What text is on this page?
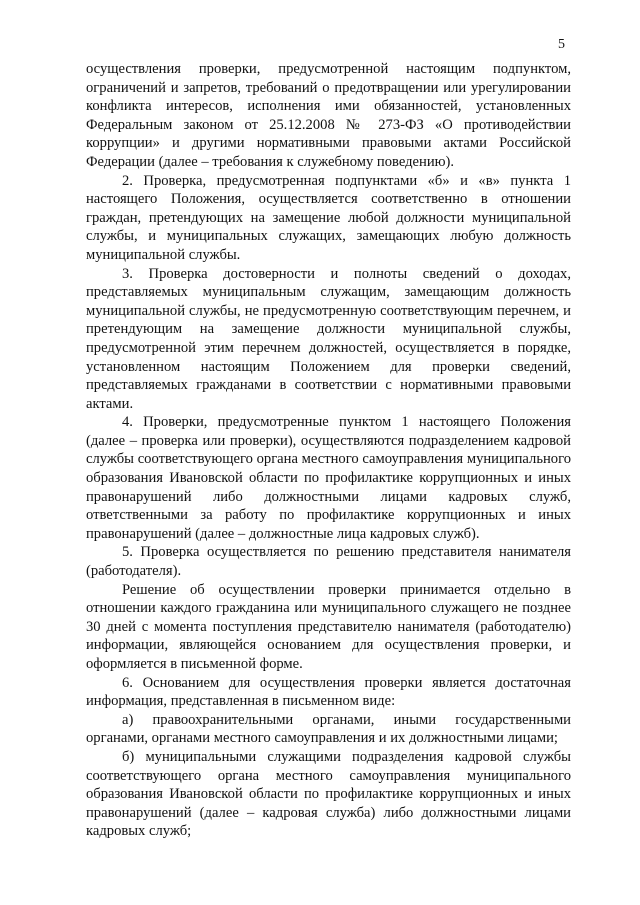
5

осуществления проверки, предусмотренной настоящим подпунктом, ограничений и запретов, требований о предотвращении или урегулировании конфликта интересов, исполнения ими обязанностей, установленных Федеральным законом от 25.12.2008 № 273-ФЗ «О противодействии коррупции» и другими нормативными правовыми актами Российской Федерации (далее – требования к служебному поведению).

2. Проверка, предусмотренная подпунктами «б» и «в» пункта 1 настоящего Положения, осуществляется соответственно в отношении граждан, претендующих на замещение любой должности муниципальной службы, и муниципальных служащих, замещающих любую должность муниципальной службы.

3. Проверка достоверности и полноты сведений о доходах, представляемых муниципальным служащим, замещающим должность муниципальной службы, не предусмотренную соответствующим перечнем, и претендующим на замещение должности муниципальной службы, предусмотренной этим перечнем должностей, осуществляется в порядке, установленном настоящим Положением для проверки сведений, представляемых гражданами в соответствии с нормативными правовыми актами.

4. Проверки, предусмотренные пунктом 1 настоящего Положения (далее – проверка или проверки), осуществляются подразделением кадровой службы соответствующего органа местного самоуправления муниципального образования Ивановской области по профилактике коррупционных и иных правонарушений либо должностными лицами кадровых служб, ответственными за работу по профилактике коррупционных и иных правонарушений (далее – должностные лица кадровых служб).

5. Проверка осуществляется по решению представителя нанимателя (работодателя).

Решение об осуществлении проверки принимается отдельно в отношении каждого гражданина или муниципального служащего не позднее 30 дней с момента поступления представителю нанимателя (работодателю) информации, являющейся основанием для осуществления проверки, и оформляется в письменной форме.

6. Основанием для осуществления проверки является достаточная информация, представленная в письменном виде:

а) правоохранительными органами, иными государственными органами, органами местного самоуправления и их должностными лицами;

б) муниципальными служащими подразделения кадровой службы соответствующего органа местного самоуправления муниципального образования Ивановской области по профилактике коррупционных и иных правонарушений (далее – кадровая служба) либо должностными лицами кадровых служб;
